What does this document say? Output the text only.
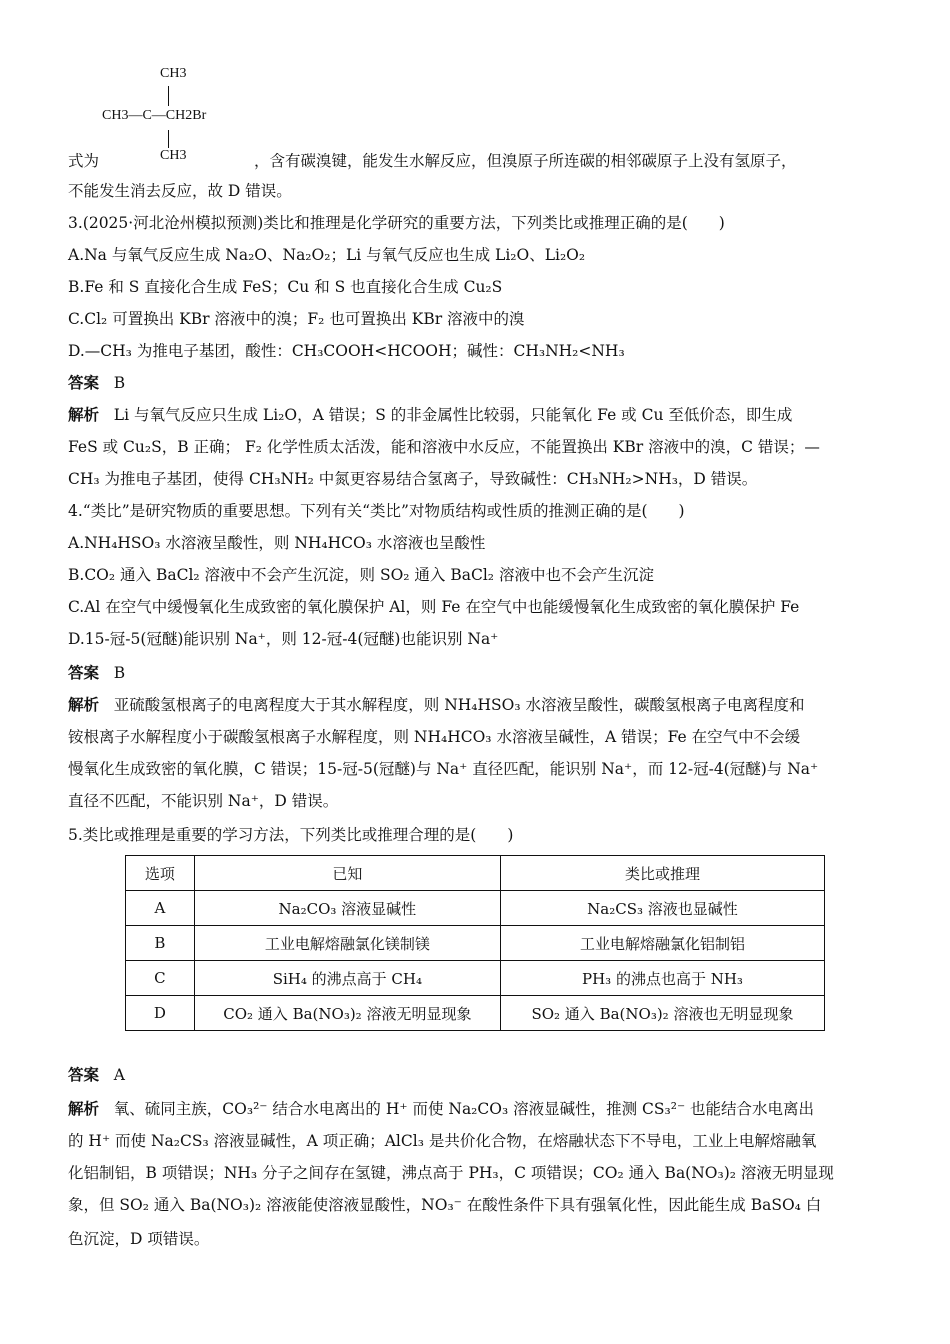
CH3
CH3—C—CH2Br
CH3
式为	，含有碳溴键，能发生水解反应，但溴原子所连碳的相邻碳原子上没有氢原子，
不能发生消去反应，故 D 错误。
3.(2025·河北沧州模拟预测)类比和推理是化学研究的重要方法，下列类比或推理正确的是(　　)
A.Na 与氧气反应生成 Na₂O、Na₂O₂；Li 与氧气反应也生成 Li₂O、Li₂O₂
B.Fe 和 S 直接化合生成 FeS；Cu 和 S 也直接化合生成 Cu₂S
C.Cl₂ 可置换出 KBr 溶液中的溴；F₂ 也可置换出 KBr 溶液中的溴
D.—CH₃ 为推电子基团，酸性：CH₃COOH<HCOOH；碱性：CH₃NH₂<NH₃
答案 B
解析 Li 与氧气反应只生成 Li₂O，A 错误；S 的非金属性比较弱，只能氧化 Fe 或 Cu 至低价态，即生成
FeS 或 Cu₂S，B 正确； F₂ 化学性质太活泼，能和溶液中水反应，不能置换出 KBr 溶液中的溴，C 错误；—
CH₃ 为推电子基团，使得 CH₃NH₂ 中氮更容易结合氢离子，导致碱性：CH₃NH₂>NH₃，D 错误。
4.“类比”是研究物质的重要思想。下列有关“类比”对物质结构或性质的推测正确的是(　　)
A.NH₄HSO₃ 水溶液呈酸性，则 NH₄HCO₃ 水溶液也呈酸性
B.CO₂ 通入 BaCl₂ 溶液中不会产生沉淀，则 SO₂ 通入 BaCl₂ 溶液中也不会产生沉淀
C.Al 在空气中缓慢氧化生成致密的氧化膜保护 Al，则 Fe 在空气中也能缓慢氧化生成致密的氧化膜保护 Fe
D.15-冠-5(冠醚)能识别 Na⁺，则 12-冠-4(冠醚)也能识别 Na⁺
答案 B
解析 亚硫酸氢根离子的电离程度大于其水解程度，则 NH₄HSO₃ 水溶液呈酸性，碳酸氢根离子电离程度和
铵根离子水解程度小于碳酸氢根离子水解程度，则 NH₄HCO₃ 水溶液呈碱性，A 错误；Fe 在空气中不会缓
慢氧化生成致密的氧化膜，C 错误；15-冠-5(冠醚)与 Na⁺ 直径匹配，能识别 Na⁺，而 12-冠-4(冠醚)与 Na⁺
直径不匹配，不能识别 Na⁺，D 错误。
5.类比或推理是重要的学习方法，下列类比或推理合理的是(　　)
选项	已知	类比或推理
A	Na₂CO₃ 溶液显碱性	Na₂CS₃ 溶液也显碱性
B	工业电解熔融氯化镁制镁	工业电解熔融氯化铝制铝
C	SiH₄ 的沸点高于 CH₄	PH₃ 的沸点也高于 NH₃
D	CO₂ 通入 Ba(NO₃)₂ 溶液无明显现象	SO₂ 通入 Ba(NO₃)₂ 溶液也无明显现象
答案 A
解析 氧、硫同主族，CO₃²⁻ 结合水电离出的 H⁺ 而使 Na₂CO₃ 溶液显碱性，推测 CS₃²⁻ 也能结合水电离出
的 H⁺ 而使 Na₂CS₃ 溶液显碱性，A 项正确；AlCl₃ 是共价化合物，在熔融状态下不导电，工业上电解熔融氧
化铝制铝，B 项错误；NH₃ 分子之间存在氢键，沸点高于 PH₃，C 项错误；CO₂ 通入 Ba(NO₃)₂ 溶液无明显现
象，但 SO₂ 通入 Ba(NO₃)₂ 溶液能使溶液显酸性，NO₃⁻ 在酸性条件下具有强氧化性，因此能生成 BaSO₄ 白
色沉淀，D 项错误。
